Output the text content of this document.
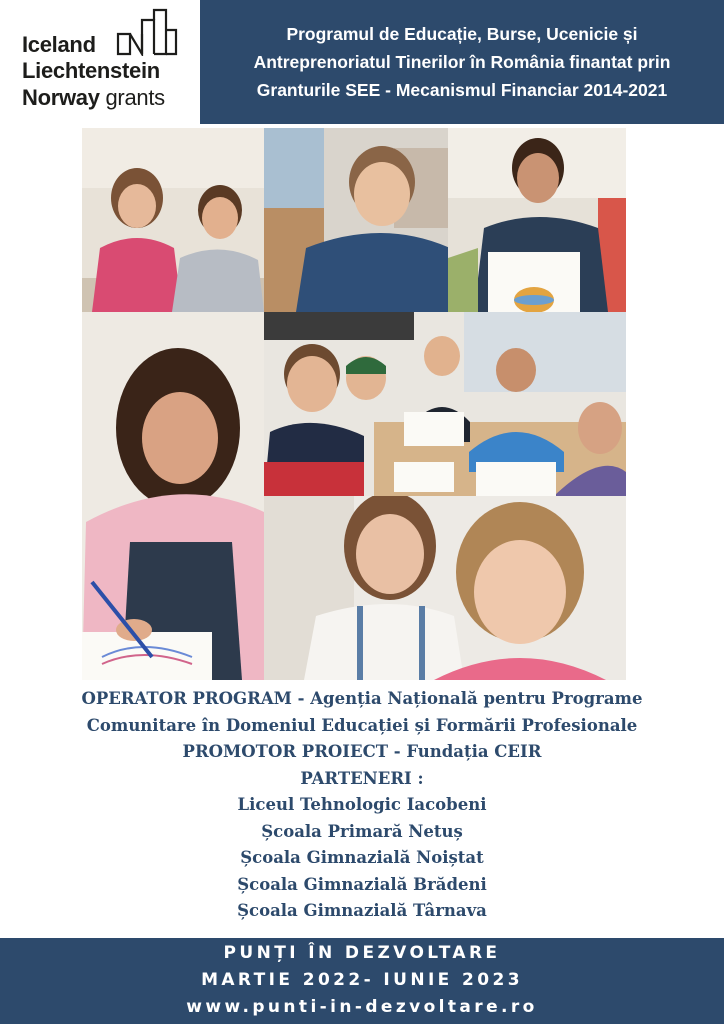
Iceland
Liechtenstein
Norway grants
Programul de Educație, Burse, Ucenicie și
Antreprenoriatul Tinerilor în România finantat prin
Granturile SEE - Mecanismul Financiar 2014-2021
OPERATOR PROGRAM - Agenția Națională pentru Programe
Comunitare în Domeniul Educației și Formării Profesionale
PROMOTOR PROIECT - Fundația CEIR
PARTENERI :
Liceul Tehnologic Iacobeni
Școala Primară Netuș
Școala Gimnazială Noiștat
Școala Gimnazială Brădeni
Școala Gimnazială Târnava
PUNȚI ÎN DEZVOLTARE
MARTIE 2022- IUNIE 2023
www.punti-in-dezvoltare.ro
